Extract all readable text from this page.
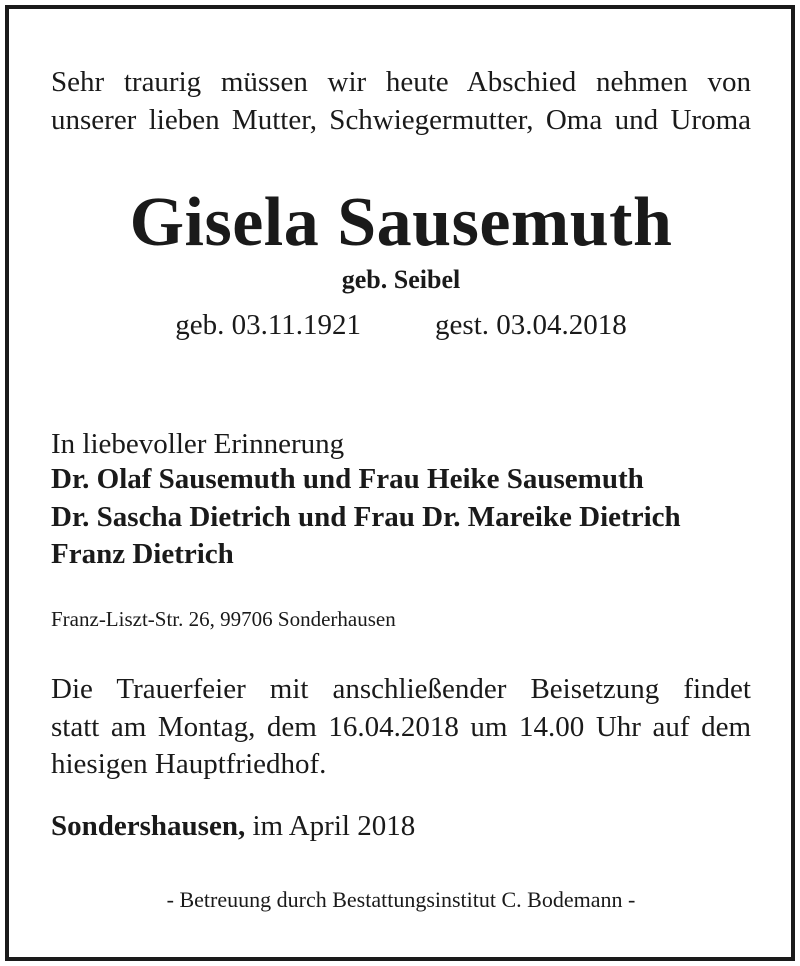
Sehr traurig müssen wir heute Abschied nehmen von
unserer lieben Mutter, Schwiegermutter, Oma und Uroma

Gisela Sausemuth
geb. Seibel
geb. 03.11.1921	gest. 03.04.2018
In liebevoller Erinnerung
Dr. Olaf Sausemuth und Frau Heike Sausemuth
Dr. Sascha Dietrich und Frau Dr. Mareike Dietrich
Franz Dietrich
Franz-Liszt-Str. 26, 99706 Sonderhausen
Die Trauerfeier mit anschließender Beisetzung findet
statt am Montag, dem 16.04.2018 um 14.00 Uhr auf dem
hiesigen Hauptfriedhof.
Sondershausen, im April 2018
- Betreuung durch Bestattungsinstitut C. Bodemann -
